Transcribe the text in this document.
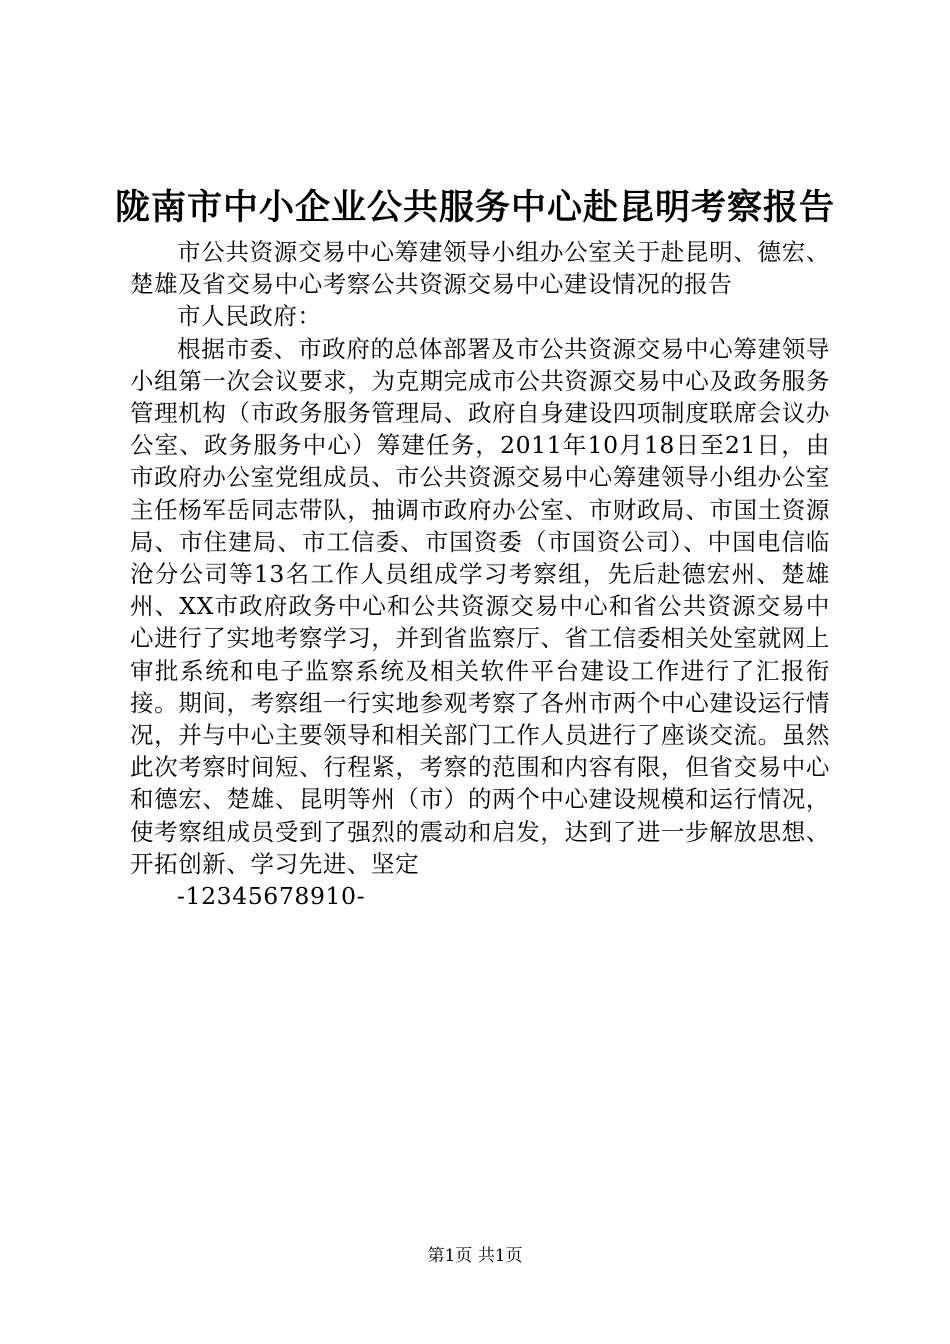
陇南市中小企业公共服务中心赴昆明考察报告

市公共资源交易中心筹建领导小组办公室关于赴昆明、德宏、楚雄及省交易中心考察公共资源交易中心建设情况的报告

市人民政府：

根据市委、市政府的总体部署及市公共资源交易中心筹建领导小组第一次会议要求，为克期完成市公共资源交易中心及政务服务管理机构（市政务服务管理局、政府自身建设四项制度联席会议办公室、政务服务中心）筹建任务，2011年10月18日至21日，由市政府办公室党组成员、市公共资源交易中心筹建领导小组办公室主任杨军岳同志带队，抽调市政府办公室、市财政局、市国土资源局、市住建局、市工信委、市国资委（市国资公司）、中国电信临沧分公司等13名工作人员组成学习考察组，先后赴德宏州、楚雄州、XX市政府政务中心和公共资源交易中心和省公共资源交易中心进行了实地考察学习，并到省监察厅、省工信委相关处室就网上审批系统和电子监察系统及相关软件平台建设工作进行了汇报衔接。期间，考察组一行实地参观考察了各州市两个中心建设运行情况，并与中心主要领导和相关部门工作人员进行了座谈交流。虽然此次考察时间短、行程紧，考察的范围和内容有限，但省交易中心和德宏、楚雄、昆明等州（市）的两个中心建设规模和运行情况，使考察组成员受到了强烈的震动和启发，达到了进一步解放思想、开拓创新、学习先进、坚定

-12345678910-

第1页 共1页
